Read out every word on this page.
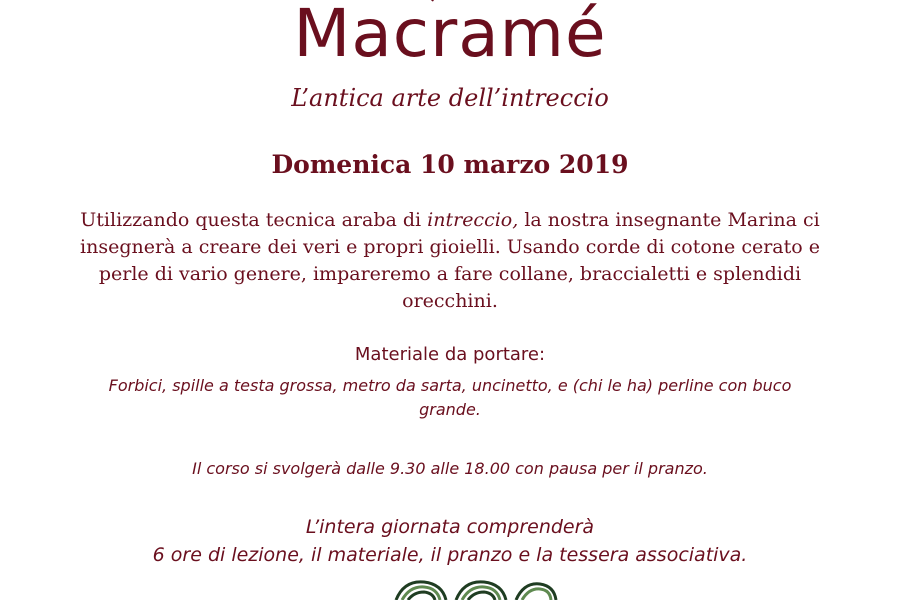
Macramé
L’antica arte dell’intreccio
Domenica 10 marzo 2019
Utilizzando questa tecnica araba di intreccio, la nostra insegnante Marina ci insegnerà a creare dei veri e propri gioielli. Usando corde di cotone cerato e perle di vario genere, impareremo a fare collane, braccialetti e splendidi orecchini.
Materiale da portare:
Forbici, spille a testa grossa, metro da sarta, uncinetto, e (chi le ha) perline con buco grande.
Il corso si svolgerà dalle 9.30 alle 18.00 con pausa per il pranzo.
L’intera giornata comprenderà
6 ore di lezione, il materiale, il pranzo e la tessera associativa.
